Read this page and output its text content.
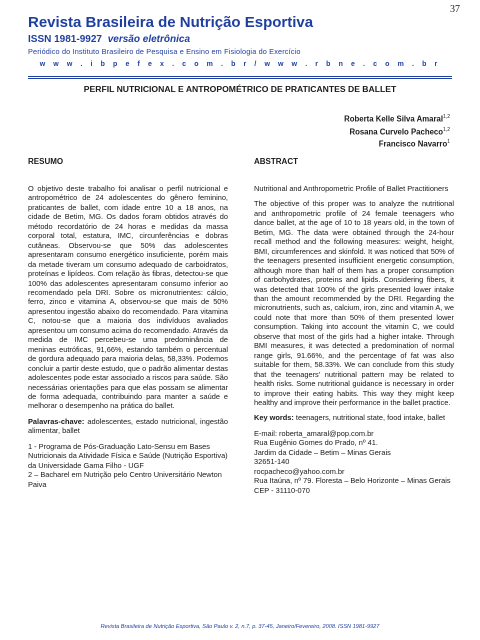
37
Revista Brasileira de Nutrição Esportiva
ISSN 1981-9927 versão eletrônica
Periódico do Instituto Brasileiro de Pesquisa e Ensino em Fisiologia do Exercício
w w w . i b p e f e x . c o m . b r / w w w . r b n e . c o m . b r
PERFIL NUTRICIONAL E ANTROPOMÉTRICO DE PRATICANTES DE BALLET
Roberta Kelle Silva Amaral$^{1,2}$
Rosana Curvelo Pacheco$^{1,2}$
Francisco Navarro$^1$
RESUMO
O objetivo deste trabalho foi analisar o perfil nutricional e antropométrico de 24 adolescentes do gênero feminino, praticantes de ballet, com idade entre 10 a 18 anos, na cidade de Betim, MG. Os dados foram obtidos através do método recordatório de 24 horas e medidas da massa corporal total, estatura, IMC, circunferências e dobras cutâneas. Observou-se que 50% das adolescentes apresentaram consumo energético insuficiente, porém mais da metade tiveram um consumo adequado de carboidratos, proteínas e lipídeos. Com relação às fibras, detectou-se que 100% das adolescentes apresentaram consumo inferior ao recomendado pela DRI. Sobre os micronutrientes: cálcio, ferro, zinco e vitamina A, observou-se que mais de 50% apresentou ingestão abaixo do recomendado. Para vitamina C, notou-se que a maioria dos indivíduos avaliados apresentou um consumo acima do recomendado. Através da medida de IMC percebeu-se uma predominância de meninas eutróficas, 91,66%, estando também o percentual de gordura adequado para maioria delas, 58,33%. Podemos concluir a partir deste estudo, que o padrão alimentar destas adolescentes pode estar associado a riscos para saúde. São necessárias orientações para que elas possam se alimentar de forma adequada, contribuindo para manter a saúde e melhorar o desempenho na prática do ballet.
Palavras-chave: adolescentes, estado nutricional, ingestão alimentar, ballet
1 - Programa de Pós-Graduação Lato-Sensu em Bases Nutricionais da Atividade Física e Saúde (Nutrição Esportiva) da Universidade Gama Filho - UGF
2 – Bacharel em Nutrição pelo Centro Universitário Newton Paiva
ABSTRACT
Nutritional and Anthropometric Profile of Ballet Practitioners
The objective of this proper was to analyze the nutritional and anthropometric profile of 24 female teenagers who dance ballet, at the age of 10 to 18 years old, in the town of Betim, MG. The data were obtained through the 24-hour recall method and the following measures: weight, height, BMI, circumferences and skinfold. It was noticed that 50% of the teenagers presented insufficient energetic consumption, although more than half of them has a proper consumption of carbohydrates, proteins and lipids. Considering fibers, it was detected that 100% of the girls presented lower intake than the amount recommended by the DRI. Regarding the micronutrients, such as, calcium, iron, zinc and vitamin A, we could note that more than 50% of them presented lower consumption. Taking into account the vitamin C, we could observe that most of the girls had a higher intake. Through BMI measures, it was detected a predomination of normal range girls, 91.66%, and the percentage of fat was also suitable for them, 58.33%. We can conclude from this study that the teenagers' nutritional pattern may be related to health risks. Some nutritional guidance is necessary in order to improve their eating habits. This way they might keep healthy and improve their performance in the ballet practice.
Key words: teenagers, nutritional state, food intake, ballet
E-mail: roberta_amaral@pop.com.br
Rua Eugênio Gomes do Prado, nº 41.
Jardim da Cidade – Betim – Minas Gerais
32651-140
rocpacheco@yahoo.com.br
Rua Itaúna, nº 79. Floresta – Belo Horizonte – Minas Gerais CEP - 31110-070
Revista Brasileira de Nutrição Esportiva, São Paulo v. 2, n.7, p. 37-45, Janeiro/Fevereiro, 2008. ISSN 1981-9927
